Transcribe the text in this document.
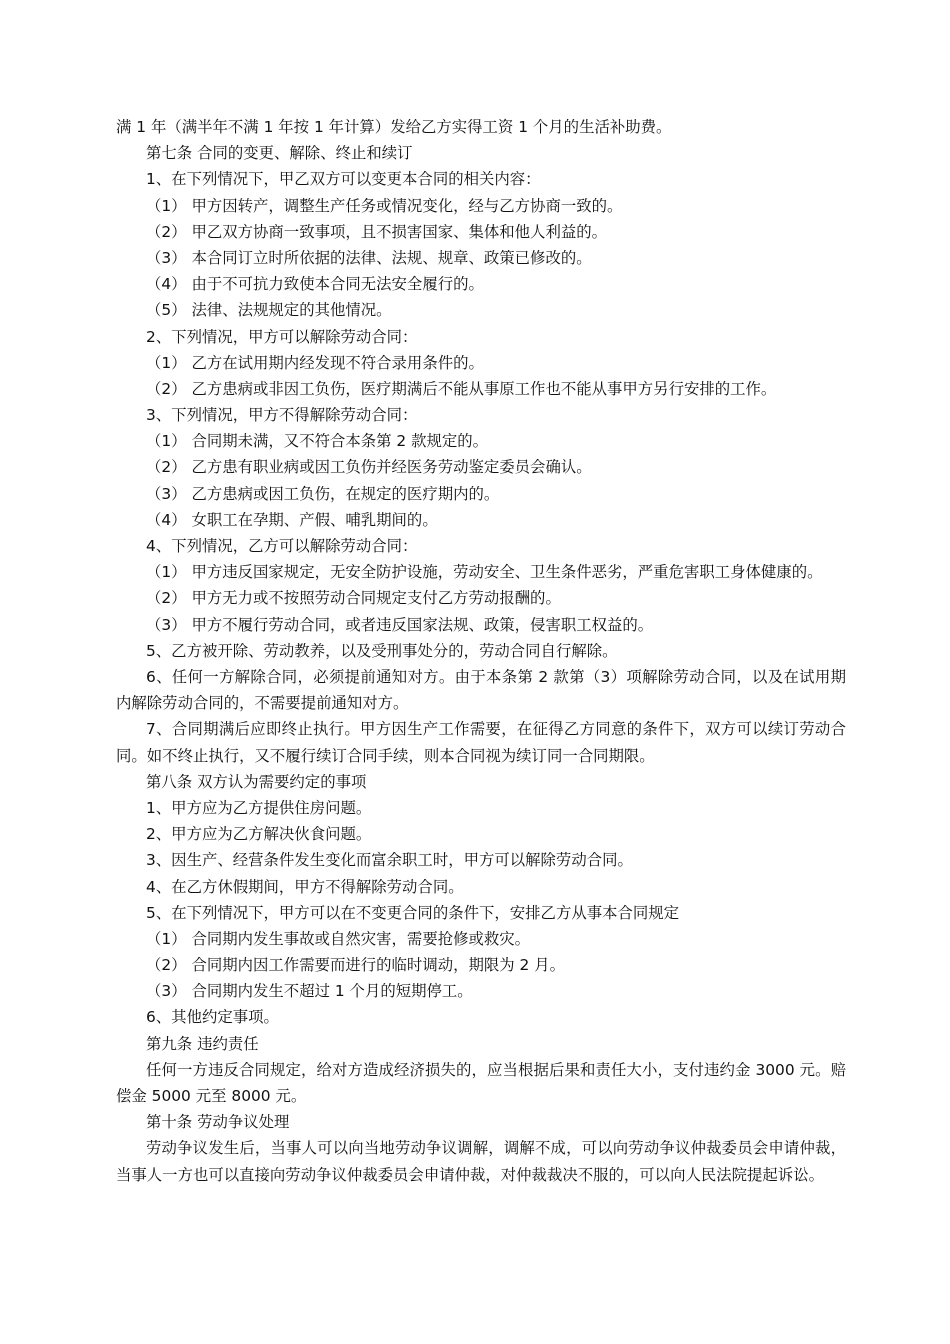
满 1 年（满半年不满 1 年按 1 年计算）发给乙方实得工资 1 个月的生活补助费。
第七条 合同的变更、解除、终止和续订
1、在下列情况下，甲乙双方可以变更本合同的相关内容：
（1） 甲方因转产，调整生产任务或情况变化，经与乙方协商一致的。
（2） 甲乙双方协商一致事项，且不损害国家、集体和他人利益的。
（3） 本合同订立时所依据的法律、法规、规章、政策已修改的。
（4） 由于不可抗力致使本合同无法安全履行的。
（5） 法律、法规规定的其他情况。
2、下列情况，甲方可以解除劳动合同：
（1） 乙方在试用期内经发现不符合录用条件的。
（2） 乙方患病或非因工负伤，医疗期满后不能从事原工作也不能从事甲方另行安排的工作。
3、下列情况，甲方不得解除劳动合同：
（1） 合同期未满，又不符合本条第 2 款规定的。
（2） 乙方患有职业病或因工负伤并经医务劳动鉴定委员会确认。
（3） 乙方患病或因工负伤，在规定的医疗期内的。
（4） 女职工在孕期、产假、哺乳期间的。
4、下列情况，乙方可以解除劳动合同：
（1） 甲方违反国家规定，无安全防护设施，劳动安全、卫生条件恶劣，严重危害职工身体健康的。
（2） 甲方无力或不按照劳动合同规定支付乙方劳动报酬的。
（3） 甲方不履行劳动合同，或者违反国家法规、政策，侵害职工权益的。
5、乙方被开除、劳动教养，以及受刑事处分的，劳动合同自行解除。
6、任何一方解除合同，必须提前通知对方。由于本条第 2 款第（3）项解除劳动合同，以及在试用期内解除劳动合同的，不需要提前通知对方。
7、合同期满后应即终止执行。甲方因生产工作需要，在征得乙方同意的条件下，双方可以续订劳动合同。如不终止执行，又不履行续订合同手续，则本合同视为续订同一合同期限。
第八条 双方认为需要约定的事项
1、甲方应为乙方提供住房问题。
2、甲方应为乙方解决伙食问题。
3、因生产、经营条件发生变化而富余职工时，甲方可以解除劳动合同。
4、在乙方休假期间，甲方不得解除劳动合同。
5、在下列情况下，甲方可以在不变更合同的条件下，安排乙方从事本合同规定
（1） 合同期内发生事故或自然灾害，需要抢修或救灾。
（2） 合同期内因工作需要而进行的临时调动，期限为 2 月。
（3） 合同期内发生不超过 1 个月的短期停工。
6、其他约定事项。
第九条 违约责任
任何一方违反合同规定，给对方造成经济损失的，应当根据后果和责任大小，支付违约金 3000 元。赔偿金 5000 元至 8000 元。
第十条 劳动争议处理
劳动争议发生后，当事人可以向当地劳动争议调解，调解不成，可以向劳动争议仲裁委员会申请仲裁，当事人一方也可以直接向劳动争议仲裁委员会申请仲裁，对仲裁裁决不服的，可以向人民法院提起诉讼。
